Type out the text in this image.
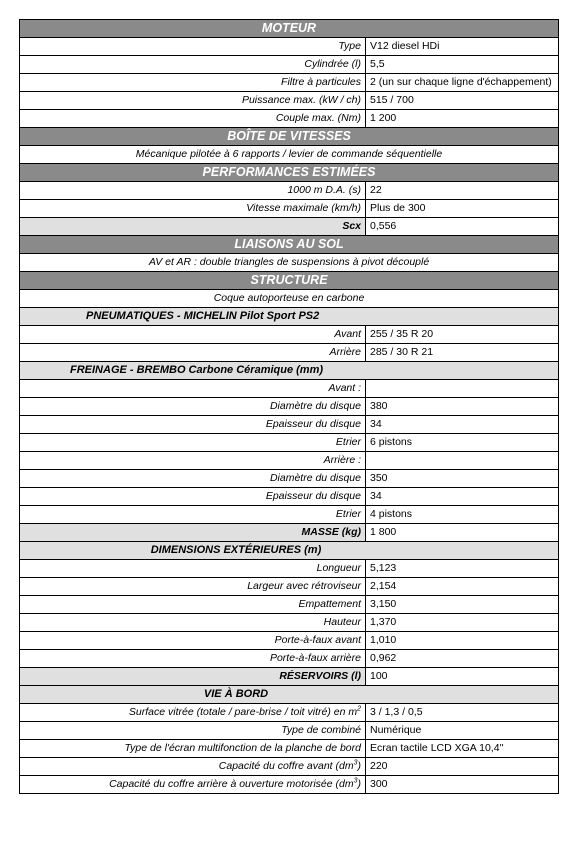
MOTEUR	
Type	V12 diesel HDi
Cylindrée (l)	5,5
Filtre à particules	2 (un sur chaque ligne d'échappement)
Puissance max. (kW / ch)	515 / 700
Couple max. (Nm)	1 200
BOÎTE DE VITESSES	
Mécanique pilotée à 6 rapports / levier de commande séquentielle	
PERFORMANCES ESTIMÉES	
1000 m D.A. (s)	22
Vitesse maximale (km/h)	Plus de 300
Scx	0,556
LIAISONS AU SOL	
AV et AR : double triangles de suspensions à pivot découplé	
STRUCTURE	
Coque autoporteuse en carbone	
PNEUMATIQUES - MICHELIN Pilot Sport PS2	
Avant	255 / 35 R 20
Arrière	285 / 30 R 21
FREINAGE - BREMBO Carbone Céramique (mm)	
Avant :	
Diamètre du disque	380
Epaisseur du disque	34
Etrier	6 pistons
Arrière :	
Diamètre du disque	350
Epaisseur du disque	34
Etrier	4 pistons
MASSE (kg)	1 800
DIMENSIONS EXTÉRIEURES (m)	
Longueur	5,123
Largeur avec rétroviseur	2,154
Empattement	3,150
Hauteur	1,370
Porte-à-faux avant	1,010
Porte-à-faux arrière	0,962
RÉSERVOIRS (l)	100
VIE À BORD	
Surface vitrée (totale / pare-brise / toit vitré) en $m^2$	3 / 1,3 / 0,5
Type de combiné	Numérique
Type de l'écran multifonction de la planche de bord	Ecran tactile LCD XGA 10,4''
Capacité du coffre avant $(dm^3)$	220
Capacité du coffre arrière à ouverture motorisée $(dm^3)$	300
